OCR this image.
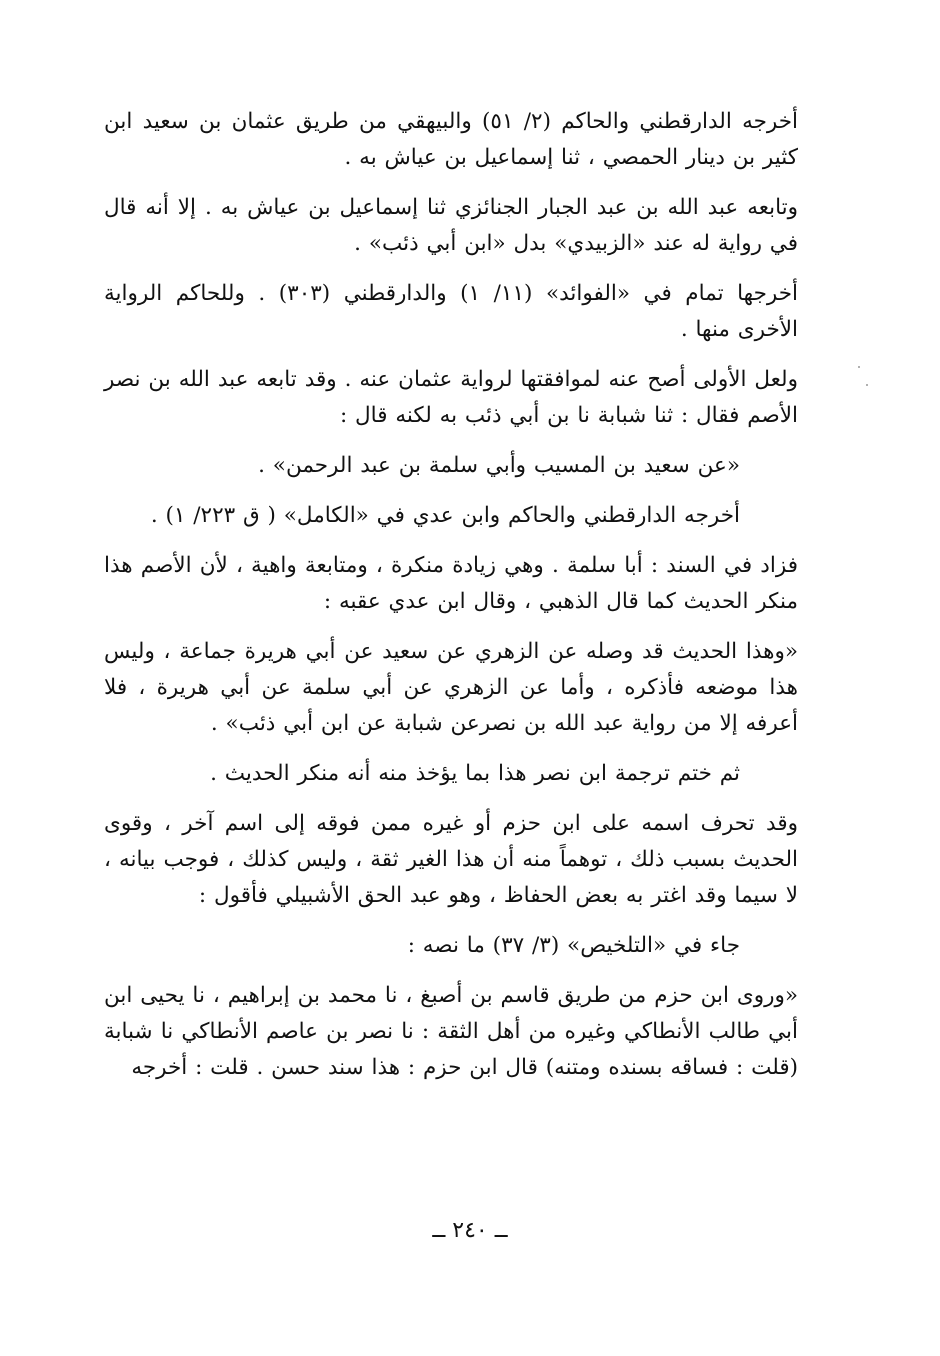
أخرجه الدارقطني والحاكم (٢/ ٥١) والبيهقي من طريق عثمان بن سعيد ابن كثير بن دينار الحمصي ، ثنا إسماعيل بن عياش به .

وتابعه عبد الله بن عبد الجبار الجنائزي ثنا إسماعيل بن عياش به . إلا أنه قال في رواية له عند «الزبيدي» بدل «ابن أبي ذئب» .

أخرجها تمام في «الفوائد» (١١/ ١) والدارقطني (٣٠٣) . وللحاكم الرواية الأخرى منها .

ولعل الأولى أصح عنه لموافقتها لرواية عثمان عنه . وقد تابعه عبد الله بن نصر الأصم فقال : ثنا شبابة نا بن أبي ذئب به لكنه قال :

«عن سعيد بن المسيب وأبي سلمة بن عبد الرحمن» .

أخرجه الدارقطني والحاكم وابن عدي في «الكامل» ( ق ٢٢٣/ ١) .

فزاد في السند : أبا سلمة . وهي زيادة منكرة ، ومتابعة واهية ، لأن الأصم هذا منكر الحديث كما قال الذهبي ، وقال ابن عدي عقبه :

«وهذا الحديث قد وصله عن الزهري عن سعيد عن أبي هريرة جماعة ، وليس هذا موضعه فأذكره ، وأما عن الزهري عن أبي سلمة عن أبي هريرة ، فلا أعرفه إلا من رواية عبد الله بن نصرعن شبابة عن ابن أبي ذئب» .

ثم ختم ترجمة ابن نصر هذا بما يؤخذ منه أنه منكر الحديث .

وقد تحرف اسمه على ابن حزم أو غيره ممن فوقه إلى اسم آخر ، وقوى الحديث بسبب ذلك ، توهماً منه أن هذا الغير ثقة ، وليس كذلك ، فوجب بيانه ، لا سيما وقد اغتر به بعض الحفاظ ، وهو عبد الحق الأشبيلي فأقول :

جاء في «التلخيص» (٣/ ٣٧) ما نصه :

«وروى ابن حزم من طريق قاسم بن أصبغ ، نا محمد بن إبراهيم ، نا يحيى ابن أبي طالب الأنطاكي وغيره من أهل الثقة : نا نصر بن عاصم الأنطاكي نا شبابة (قلت : فساقه بسنده ومتنه) قال ابن حزم : هذا سند حسن . قلت : أخرجه

ــ ٢٤٠ ــ
